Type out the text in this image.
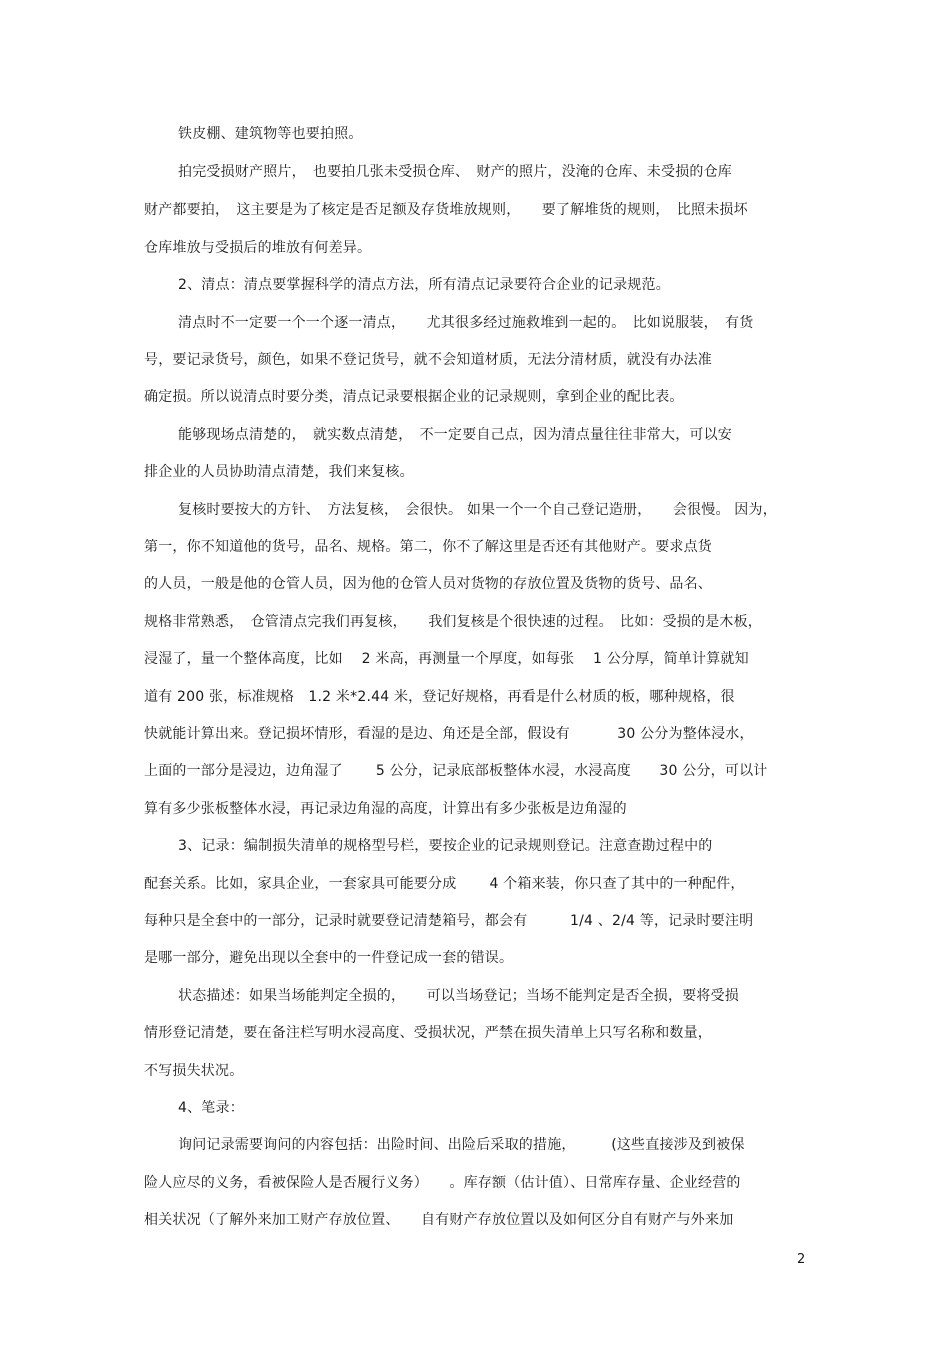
铁皮棚、建筑物等也要拍照。
拍完受损财产照片，　也要拍几张未受损仓库、　财产的照片，没淹的仓库、未受损的仓库
财产都要拍，　这主要是为了核定是否足额及存货堆放规则，　　要了解堆货的规则，　比照未损坏
仓库堆放与受损后的堆放有何差异。
2、清点：清点要掌握科学的清点方法，所有清点记录要符合企业的记录规范。
清点时不一定要一个一个逐一清点，　　尤其很多经过施救堆到一起的。　比如说服装，　有货
号，要记录货号，颜色，如果不登记货号，就不会知道材质，无法分清材质，就没有办法准
确定损。所以说清点时要分类，清点记录要根据企业的记录规则，拿到企业的配比表。
能够现场点清楚的，　就实数点清楚，　不一定要自己点，因为清点量往往非常大，可以安
排企业的人员协助清点清楚，我们来复核。
复核时要按大的方针、　方法复核，　会很快。 如果一个一个自己登记造册，　　会很慢。 因为，
第一，你不知道他的货号，品名、规格。第二，你不了解这里是否还有其他财产。要求点货
的人员，一般是他的仓管人员，因为他的仓管人员对货物的存放位置及货物的货号、品名、
规格非常熟悉，　仓管清点完我们再复核，　　我们复核是个很快速的过程。　比如：受损的是木板，
浸湿了，量一个整体高度，比如　 2 米高，再测量一个厚度，如每张　 1 公分厚，简单计算就知
道有 200 张，标准规格　1.2 米*2.44 米，登记好规格，再看是什么材质的板，哪种规格，很
快就能计算出来。登记损坏情形，看湿的是边、角还是全部，假设有　　　 30 公分为整体浸水，
上面的一部分是浸边，边角湿了　　 5 公分，记录底部板整体水浸，水浸高度　　30 公分，可以计
算有多少张板整体水浸，再记录边角湿的高度，计算出有多少张板是边角湿的
3、记录：编制损失清单的规格型号栏，要按企业的记录规则登记。注意查勘过程中的
配套关系。比如，家具企业，一套家具可能要分成　　 4 个箱来装，你只查了其中的一种配件，
每种只是全套中的一部分，记录时就要登记清楚箱号，都会有　　　1/4 、2/4 等，记录时要注明
是哪一部分，避免出现以全套中的一件登记成一套的错误。
状态描述：如果当场能判定全损的，　　可以当场登记；当场不能判定是否全损，要将受损
情形登记清楚，要在备注栏写明水浸高度、受损状况，严禁在损失清单上只写名称和数量，
不写损失状况。
4、笔录：
询问记录需要询问的内容包括：出险时间、出险后采取的措施，　　　(这些直接涉及到被保
险人应尽的义务，看被保险人是否履行义务）　　。库存额（估计值）、日常库存量、企业经营的
相关状况（了解外来加工财产存放位置、　　自有财产存放位置以及如何区分自有财产与外来加
2
